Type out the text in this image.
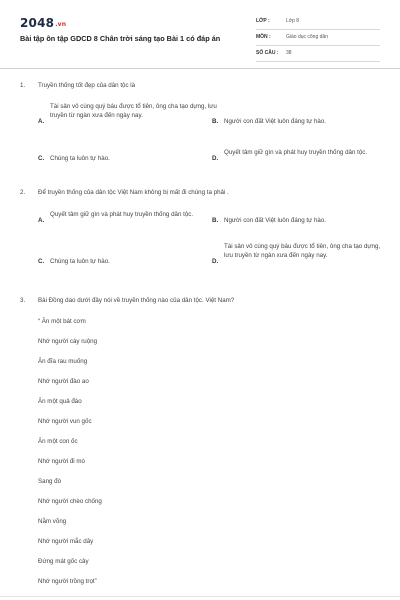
2048.vn
Bài tập ôn tập GDCD 8 Chân trời sáng tạo Bài 1 có đáp án
LỚP :	Lớp 8
MÔN :	Giáo dục công dân
SỐ CÂU : 38
1. Truyền thống tốt đẹp của dân tộc là
A.
Tài sản vô cùng quý báu được tổ tiên, ông cha tạo dựng, lưu truyền từ ngàn xưa đến ngày nay.
B. Người con đất Việt luôn đáng tự hào.
C. Chúng ta luôn tự hào.	D.
Quyết tâm giữ gìn và phát huy truyền thống dân tộc.
2. Để truyền thống của dân tộc Việt Nam không bị mất đi chúng ta phải .
A.
Quyết tâm giữ gìn và phát huy truyền thống dân tộc.
B. Người con đất Việt luôn đáng tự hào.
C. Chúng ta luôn tự hào.	D.
Tài sản vô cùng quý báu được tổ tiên, ông cha tạo dựng, lưu truyền từ ngàn xưa đến ngày nay.
3. Bài Đồng dao dưới đây nói về truyền thống nào của dân tộc. Việt Nam?
“ Ăn một bát cơm
Nhớ người cày ruộng
Ăn đĩa rau muống
Nhớ người đào ao
Ăn một quả đào
Nhớ người vun gốc
Ăn một con ốc
Nhớ người đi mò
Sang đò
Nhớ người chèo chống
Nằm võng
Nhớ người mắc dây
Đứng mát gốc cây
Nhớ người trồng trọt”
